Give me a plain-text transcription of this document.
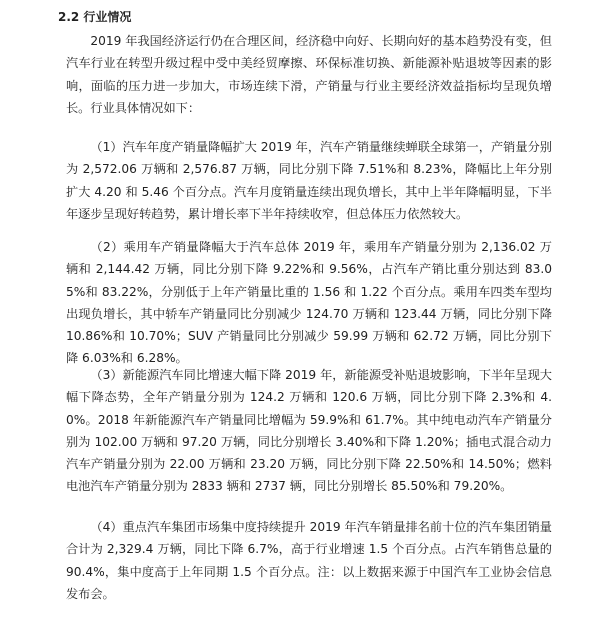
2.2 行业情况

2019 年我国经济运行仍在合理区间，经济稳中向好、长期向好的基本趋势没有变，但汽车行业在转型升级过程中受中美经贸摩擦、环保标准切换、新能源补贴退坡等因素的影响，面临的压力进一步加大，市场连续下滑，产销量与行业主要经济效益指标均呈现负增长。行业具体情况如下：

（1）汽车年度产销量降幅扩大 2019 年，汽车产销量继续蝉联全球第一，产销量分别为 2,572.06 万辆和 2,576.87 万辆，同比分别下降 7.51%和 8.23%，降幅比上年分别扩大 4.20 和 5.46 个百分点。汽车月度销量连续出现负增长，其中上半年降幅明显，下半年逐步呈现好转趋势，累计增长率下半年持续收窄，但总体压力依然较大。

（2）乘用车产销量降幅大于汽车总体 2019 年，乘用车产销量分别为 2,136.02 万辆和 2,144.42 万辆，同比分别下降 9.22%和 9.56%，占汽车产销比重分别达到 83.05%和 83.22%，分别低于上年产销量比重的 1.56 和 1.22 个百分点。乘用车四类车型均出现负增长，其中轿车产销量同比分别减少 124.70 万辆和 123.44 万辆，同比分别下降 10.86%和 10.70%；SUV 产销量同比分别减少 59.99 万辆和 62.72 万辆，同比分别下降 6.03%和 6.28%。

（3）新能源汽车同比增速大幅下降 2019 年，新能源受补贴退坡影响，下半年呈现大幅下降态势，全年产销量分别为 124.2 万辆和 120.6 万辆，同比分别下降 2.3%和 4.0%。2018 年新能源汽车产销量同比增幅为 59.9%和 61.7%。其中纯电动汽车产销量分别为 102.00 万辆和 97.20 万辆，同比分别增长 3.40%和下降 1.20%；插电式混合动力汽车产销量分别为 22.00 万辆和 23.20 万辆，同比分别下降 22.50%和 14.50%；燃料电池汽车产销量分别为 2833 辆和 2737 辆，同比分别增长 85.50%和 79.20%。

（4）重点汽车集团市场集中度持续提升 2019 年汽车销量排名前十位的汽车集团销量合计为 2,329.4 万辆，同比下降 6.7%，高于行业增速 1.5 个百分点。占汽车销售总量的 90.4%，集中度高于上年同期 1.5 个百分点。注：以上数据来源于中国汽车工业协会信息发布会。
